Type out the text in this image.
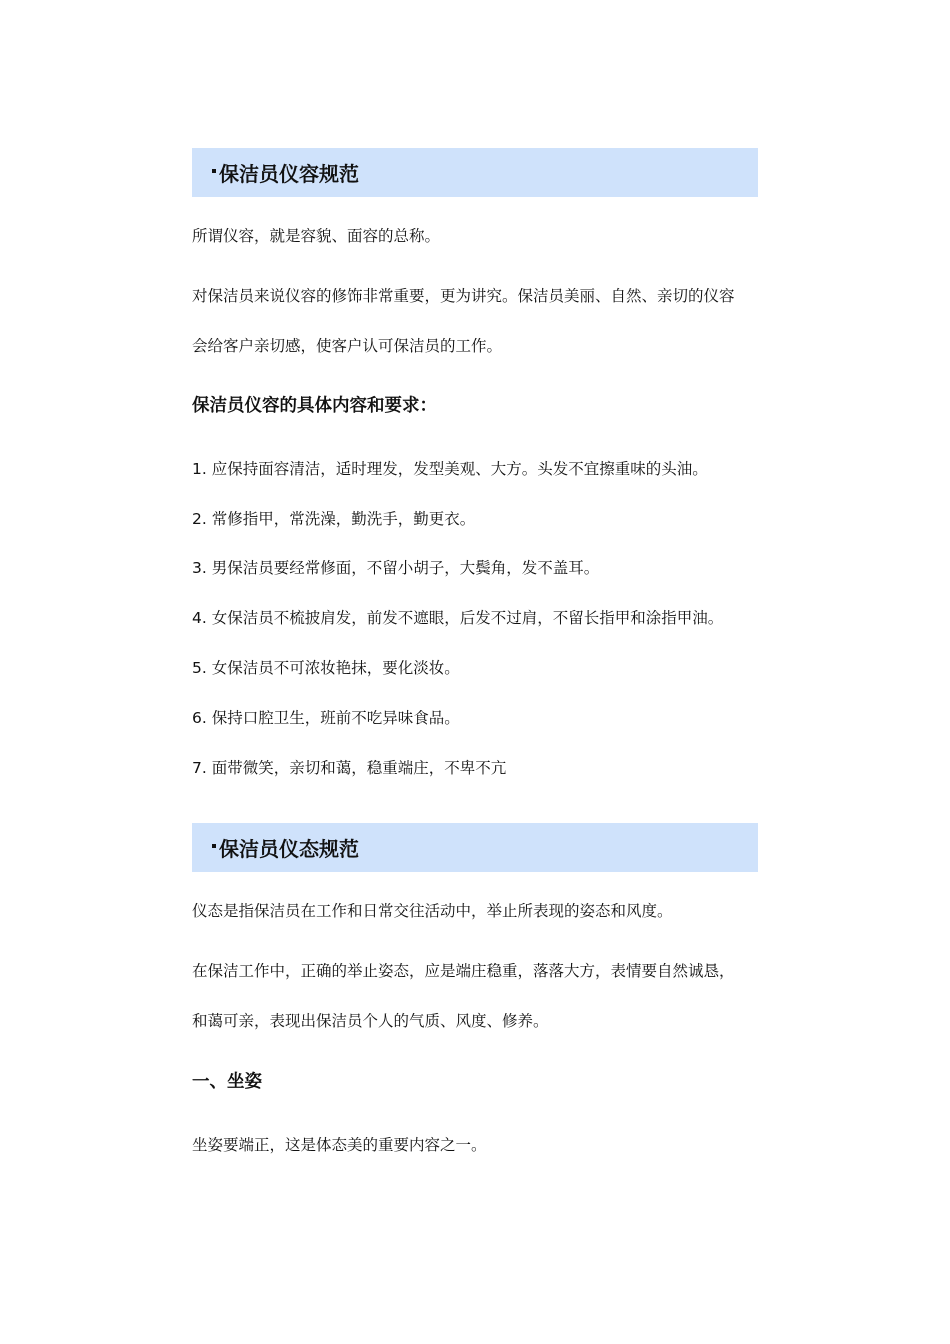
保洁员仪容规范
所谓仪容，就是容貌、面容的总称。
对保洁员来说仪容的修饰非常重要，更为讲究。保洁员美丽、自然、亲切的仪容
会给客户亲切感，使客户认可保洁员的工作。
保洁员仪容的具体内容和要求：
1. 应保持面容清洁，适时理发，发型美观、大方。头发不宜擦重味的头油。
2. 常修指甲，常洗澡，勤洗手，勤更衣。
3. 男保洁员要经常修面，不留小胡子，大鬓角，发不盖耳。
4. 女保洁员不梳披肩发，前发不遮眼，后发不过肩，不留长指甲和涂指甲油。
5. 女保洁员不可浓妆艳抹，要化淡妆。
6. 保持口腔卫生，班前不吃异味食品。
7. 面带微笑，亲切和蔼，稳重端庄，不卑不亢
保洁员仪态规范
仪态是指保洁员在工作和日常交往活动中，举止所表现的姿态和风度。
在保洁工作中，正确的举止姿态，应是端庄稳重，落落大方，表情要自然诚恳，
和蔼可亲，表现出保洁员个人的气质、风度、修养。
一、坐姿
坐姿要端正，这是体态美的重要内容之一。
